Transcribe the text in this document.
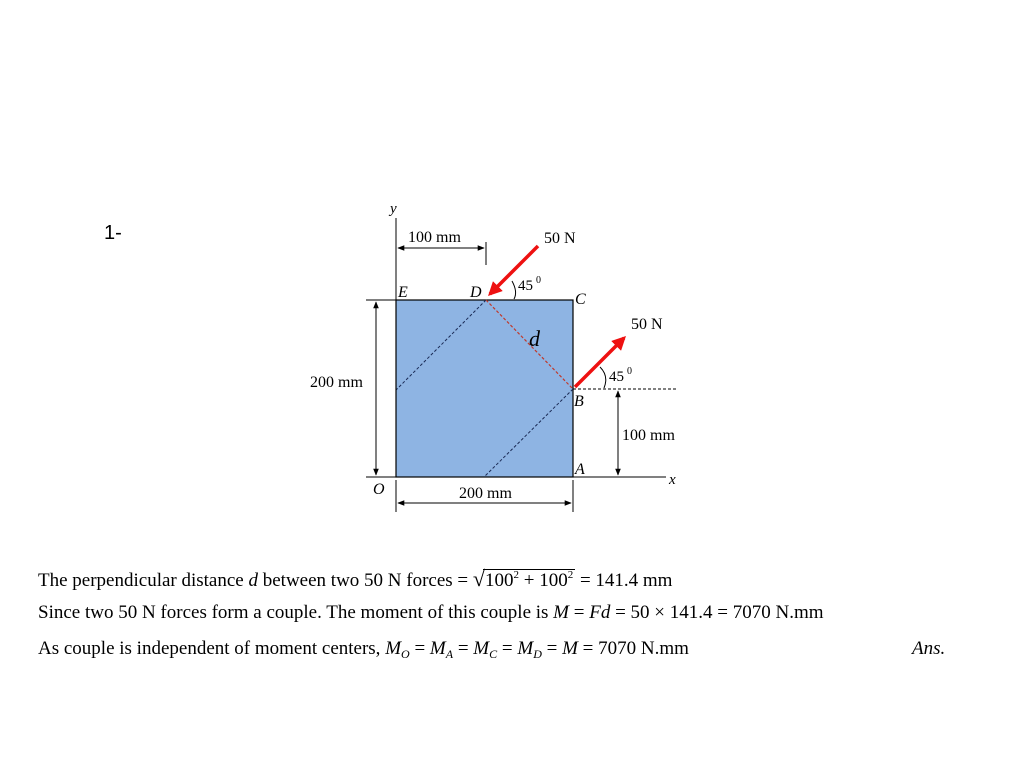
1-
y
x
100 mm
200 mm
200 mm
100 mm
50 N
45 0
50 N
45 0
E	D	C
B
A
O
d
The perpendicular distance d between two 50 N forces = $√100^2 + 100^2 = 141.4$ mm
Since two 50 N forces form a couple. The moment of this couple is M = Fd = 50 × 141.4 = 7070 N.mm
As couple is independent of moment centers, $M_O = M_A = M_C = M_D = M = 7070$ N.mm	Ans.
